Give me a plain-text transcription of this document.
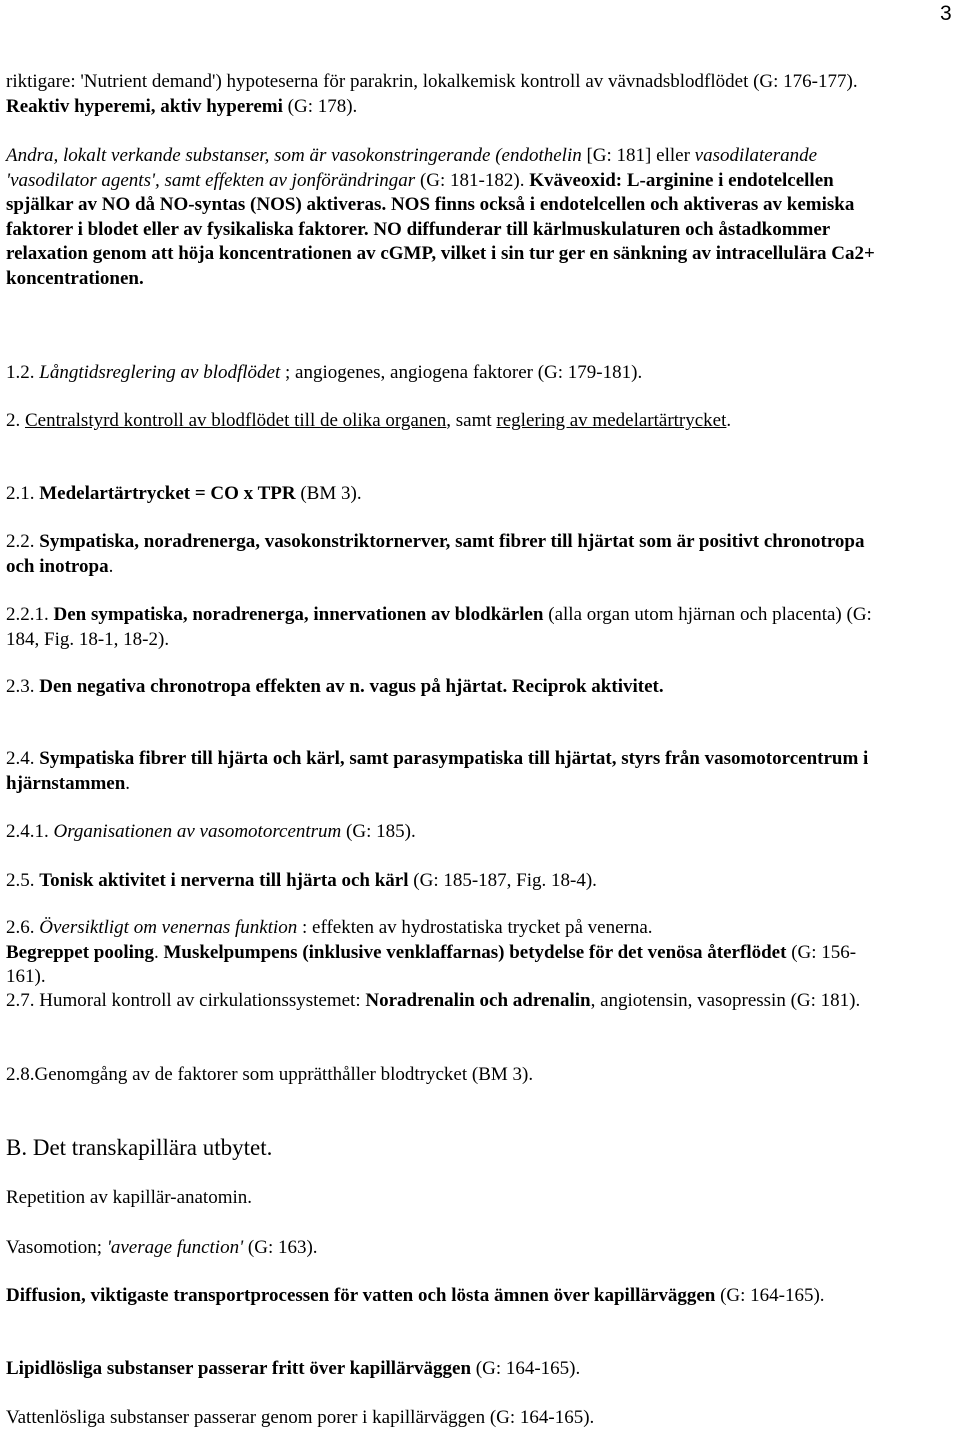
3

riktigare: 'Nutrient demand') hypoteserna för parakrin, lokalkemisk kontroll av vävnadsblodflödet (G: 176-177). Reaktiv hyperemi, aktiv hyperemi (G: 178).

Andra, lokalt verkande substanser, som är vasokonstringerande (endothelin [G: 181] eller vasodilaterande 'vasodilator agents', samt effekten av jonförändringar (G: 181-182). Kväveoxid: L-arginine i endotelcellen spjälkar av NO då NO-syntas (NOS) aktiveras. NOS finns också i endotelcellen och aktiveras av kemiska faktorer i blodet eller av fysikaliska faktorer. NO diffunderar till kärlmuskulaturen och åstadkommer relaxation genom att höja koncentrationen av cGMP, vilket i sin tur ger en sänkning av intracellulära Ca2+ koncentrationen.

1.2. Långtidsreglering av blodflödet ; angiogenes, angiogena faktorer (G: 179-181).

2. Centralstyrd kontroll av blodflödet till de olika organen, samt reglering av medelartärtrycket.

2.1. Medelartärtrycket = CO x TPR (BM 3).

2.2. Sympatiska, noradrenerga, vasokonstriktornerver, samt fibrer till hjärtat som är positivt chronotropa och inotropa.

2.2.1. Den sympatiska, noradrenerga, innervationen av blodkärlen (alla organ utom hjärnan och placenta) (G: 184, Fig. 18-1, 18-2).

2.3. Den negativa chronotropa effekten av n. vagus på hjärtat. Reciprok aktivitet.

2.4. Sympatiska fibrer till hjärta och kärl, samt parasympatiska till hjärtat, styrs från vasomotorcentrum i hjärnstammen.

2.4.1. Organisationen av vasomotorcentrum (G: 185).

2.5. Tonisk aktivitet i nerverna till hjärta och kärl (G: 185-187, Fig. 18-4).

2.6. Översiktligt om venernas funktion : effekten av hydrostatiska trycket på venerna.
Begreppet pooling. Muskelpumpens (inklusive venklaffarnas) betydelse för det venösa återflödet (G: 156-161).

2.7. Humoral kontroll av cirkulationssystemet: Noradrenalin och adrenalin, angiotensin, vasopressin (G: 181).

2.8.Genomgång av de faktorer som upprätthåller blodtrycket (BM 3).

B. Det transkapillära utbytet.

Repetition av kapillär-anatomin.

Vasomotion; 'average function' (G: 163).

Diffusion, viktigaste transportprocessen för vatten och lösta ämnen över kapillärväggen (G: 164-165).

Lipidlösliga substanser passerar fritt över kapillärväggen (G: 164-165).

Vattenlösliga substanser passerar genom porer i kapillärväggen (G: 164-165).
